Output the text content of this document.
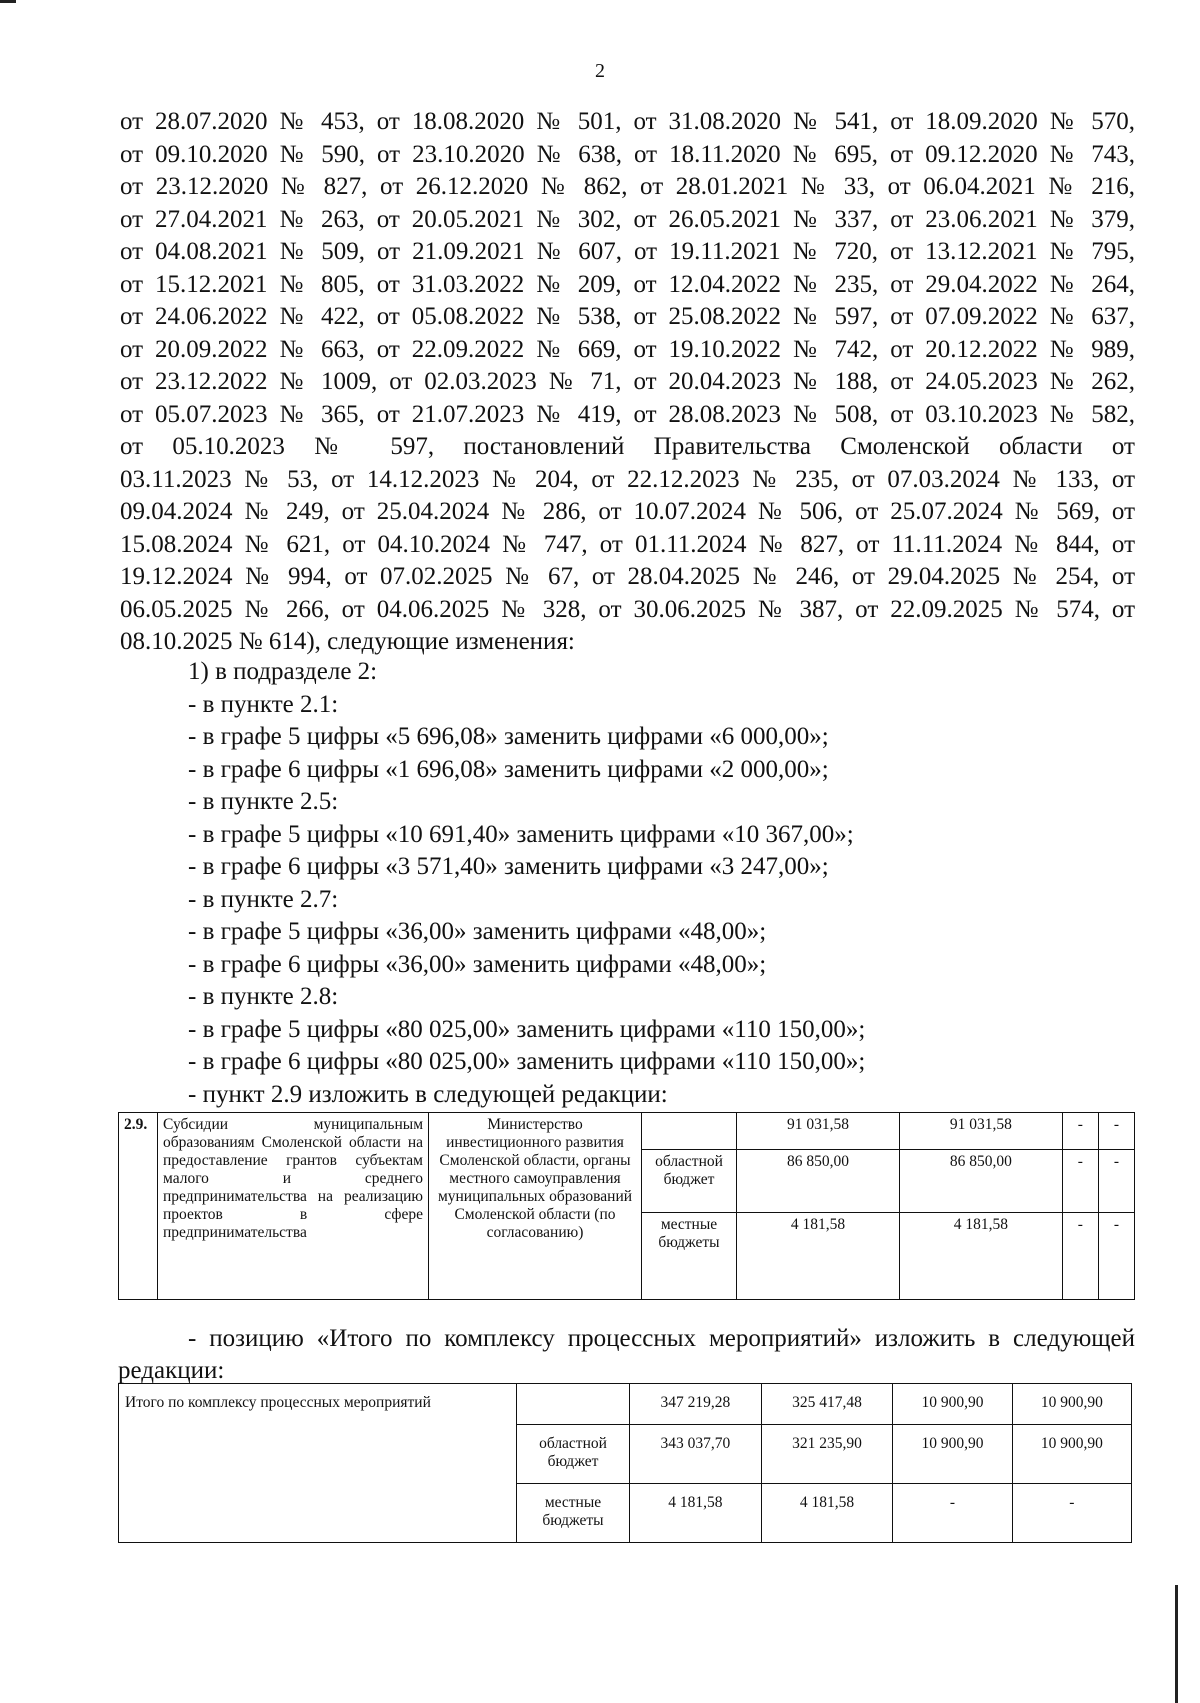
2
от 28.07.2020 № 453, от 18.08.2020 № 501, от 31.08.2020 № 541, от 18.09.2020 № 570,
от 09.10.2020 № 590, от 23.10.2020 № 638, от 18.11.2020 № 695, от 09.12.2020 № 743,
от 23.12.2020 № 827, от 26.12.2020 № 862, от 28.01.2021 № 33, от 06.04.2021 № 216,
от 27.04.2021 № 263, от 20.05.2021 № 302, от 26.05.2021 № 337, от 23.06.2021 № 379,
от 04.08.2021 № 509, от 21.09.2021 № 607, от 19.11.2021 № 720, от 13.12.2021 № 795,
от 15.12.2021 № 805, от 31.03.2022 № 209, от 12.04.2022 № 235, от 29.04.2022 № 264,
от 24.06.2022 № 422, от 05.08.2022 № 538, от 25.08.2022 № 597, от 07.09.2022 № 637,
от 20.09.2022 № 663, от 22.09.2022 № 669, от 19.10.2022 № 742, от 20.12.2022 № 989,
от 23.12.2022 № 1009, от 02.03.2023 № 71, от 20.04.2023 № 188, от 24.05.2023 № 262,
от 05.07.2023 № 365, от 21.07.2023 № 419, от 28.08.2023 № 508, от 03.10.2023 № 582,
от 05.10.2023 № 597, постановлений Правительства Смоленской области от
03.11.2023 № 53, от 14.12.2023 № 204, от 22.12.2023 № 235, от 07.03.2024 № 133, от
09.04.2024 № 249, от 25.04.2024 № 286, от 10.07.2024 № 506, от 25.07.2024 № 569, от
15.08.2024 № 621, от 04.10.2024 № 747, от 01.11.2024 № 827, от 11.11.2024 № 844, от
19.12.2024 № 994, от 07.02.2025 № 67, от 28.04.2025 № 246, от 29.04.2025 № 254, от
06.05.2025 № 266, от 04.06.2025 № 328, от 30.06.2025 № 387, от 22.09.2025 № 574, от
08.10.2025 № 614), следующие изменения:
1) в подразделе 2:
- в пункте 2.1:
- в графе 5 цифры «5 696,08» заменить цифрами «6 000,00»;
- в графе 6 цифры «1 696,08» заменить цифрами «2 000,00»;
- в пункте 2.5:
- в графе 5 цифры «10 691,40» заменить цифрами «10 367,00»;
- в графе 6 цифры «3 571,40» заменить цифрами «3 247,00»;
- в пункте 2.7:
- в графе 5 цифры «36,00» заменить цифрами «48,00»;
- в графе 6 цифры «36,00» заменить цифрами «48,00»;
- в пункте 2.8:
- в графе 5 цифры «80 025,00» заменить цифрами «110 150,00»;
- в графе 6 цифры «80 025,00» заменить цифрами «110 150,00»;
- пункт 2.9 изложить в следующей редакции:
2.9.	Субсидии муниципальным образованиям Смоленской области на предоставление грантов субъектам малого и среднего предпринимательства на реализацию проектов в сфере предпринимательства	Министерство инвестиционного развития Смоленской области, органы местного самоуправления муниципальных образований Смоленской области (по согласованию)		91 031,58	91 031,58	-	-
			областной бюджет	86 850,00	86 850,00	-	-
			местные бюджеты	4 181,58	4 181,58	-	-
- позицию «Итого по комплексу процессных мероприятий» изложить в следующей
редакции:
Итого по комплексу процессных мероприятий		347 219,28	325 417,48	10 900,90	10 900,90
	областной бюджет	343 037,70	321 235,90	10 900,90	10 900,90
	местные бюджеты	4 181,58	4 181,58	-	-
